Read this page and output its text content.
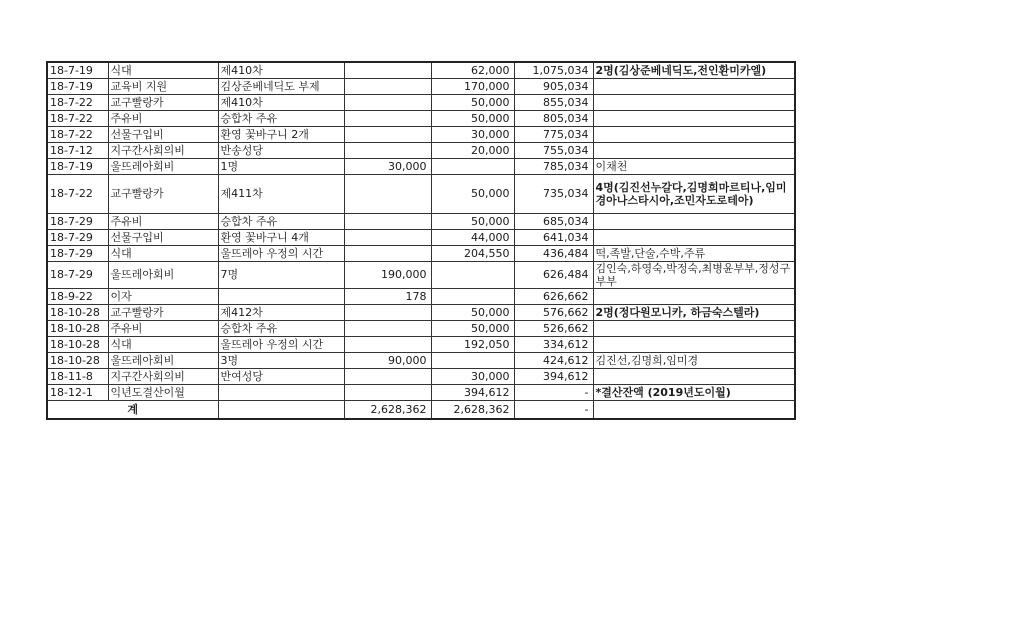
18-7-19	식대	제410차		62,000	1,075,034	2명(김상준베네딕도,전인환미카엘)
18-7-19	교육비 지원	김상준베네딕도 부제		170,000	905,034	
18-7-22	교구빨랑카	제410차		50,000	855,034	
18-7-22	주유비	승합차 주유		50,000	805,034	
18-7-22	선물구입비	환영 꽃바구니 2개		30,000	775,034	
18-7-12	지구간사회의비	반송성당		20,000	755,034	
18-7-19	울뜨레아회비	1명	30,000		785,034	이채천
18-7-22	교구빨랑카	제411차		50,000	735,034	4명(김진선누갈다,김명희마르티나,임미경아나스타시아,조민자도로테아)
18-7-29	주유비	승합차 주유		50,000	685,034	
18-7-29	선물구입비	환영 꽃바구니 4개		44,000	641,034	
18-7-29	식대	울뜨레아 우정의 시간		204,550	436,484	떡,족발,단술,수박,주류
18-7-29	울뜨레아회비	7명	190,000		626,484	김인숙,하영숙,박정숙,최병윤부부,정성구부부
18-9-22	이자		178		626,662	
18-10-28	교구빨랑카	제412차		50,000	576,662	2명(정다원모니카, 하금숙스텔라)
18-10-28	주유비	승합차 주유		50,000	526,662	
18-10-28	식대	울뜨레아 우정의 시간		192,050	334,612	
18-10-28	울뜨레아회비	3명	90,000		424,612	김진선,김명희,임미경
18-11-8	지구간사회의비	반여성당		30,000	394,612	
18-12-1	익년도결산이월			394,612	-	*결산잔액 (2019년도이월)
계			2,628,362	2,628,362	-	
